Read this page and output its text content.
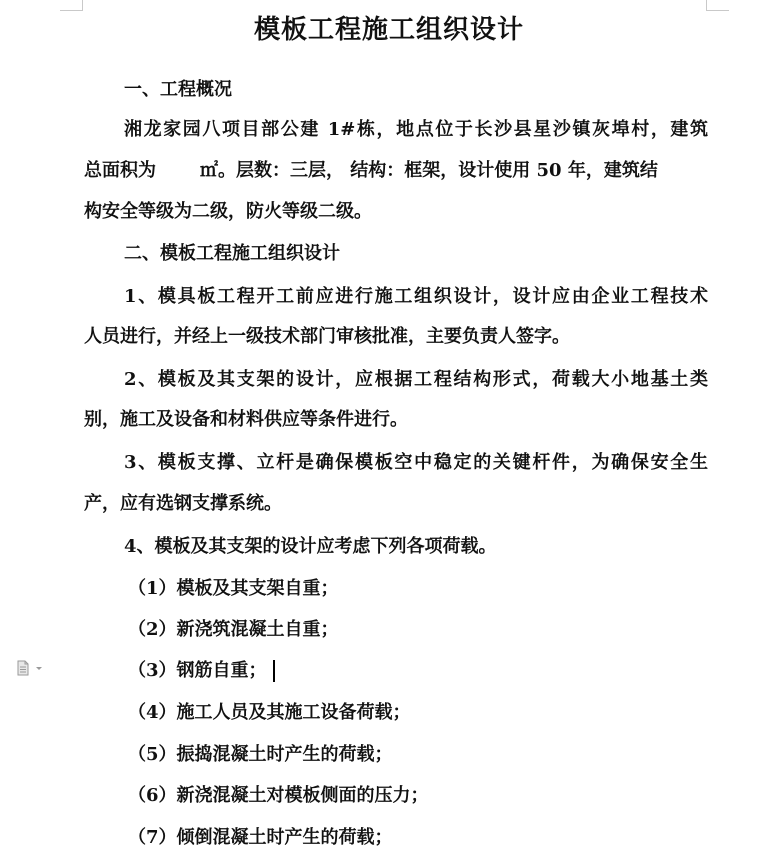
模板工程施工组织设计
一、工程概况
湘龙家园八项目部公建 1#栋，地点位于长沙县星沙镇灰埠村，建筑
总面积为 ㎡。层数：三层， 结构：框架，设计使用 50 年，建筑结
构安全等级为二级，防火等级二级。
二、模板工程施工组织设计
1、模具板工程开工前应进行施工组织设计，设计应由企业工程技术
人员进行，并经上一级技术部门审核批准，主要负责人签字。
2、模板及其支架的设计，应根据工程结构形式，荷载大小地基土类
别，施工及设备和材料供应等条件进行。
3、模板支撑、立杆是确保模板空中稳定的关键杆件，为确保安全生
产，应有选钢支撑系统。
4、模板及其支架的设计应考虑下列各项荷载。
（1）模板及其支架自重；
（2）新浇筑混凝土自重；
（3）钢筋自重；
（4）施工人员及其施工设备荷载；
（5）振捣混凝土时产生的荷载；
（6）新浇混凝土对模板侧面的压力；
（7）倾倒混凝土时产生的荷载；
